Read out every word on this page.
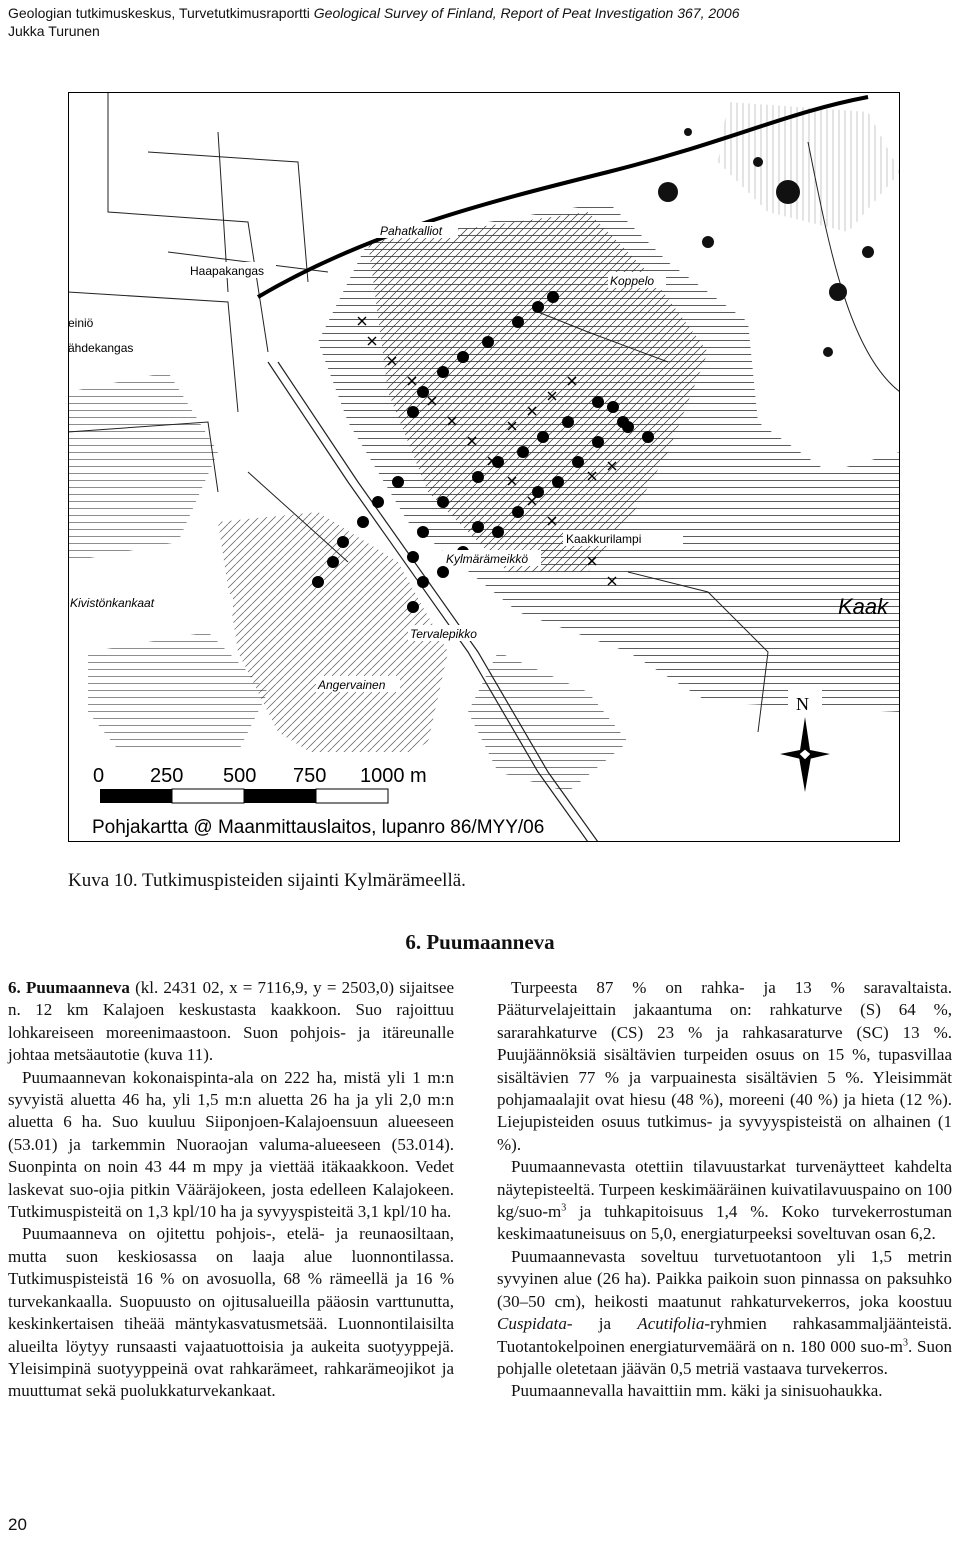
Geologian tutkimuskeskus, Turvetutkimusraportti Geological Survey of Finland, Report of Peat Investigation 367, 2006
Jukka Turunen
Pahatkalliot
Haapakangas
Koppelo
einiö
ähdekangas
Kylmärämeikkö
Kaakkurilampi
Kivistönkankaat	Kaak
Tervalepikko
Angervainen
N
0 250 500 750 1000 m
Pohjakartta @ Maanmittauslaitos, lupanro 86/MYY/06
Kuva 10. Tutkimuspisteiden sijainti Kylmärämeellä.
6. Puumaanneva

6. Puumaanneva (kl. 2431 02, x = 7116,9, y = 2503,0) sijaitsee n. 12 km Kalajoen keskustasta kaakkoon. Suo rajoittuu lohkareiseen moreenimaastoon. Suon pohjois- ja itäreunalle johtaa metsäautotie (kuva 11).

Puumaannevan kokonaispinta-ala on 222 ha, mistä yli 1 m:n syvyistä aluetta 46 ha, yli 1,5 m:n aluetta 26 ha ja yli 2,0 m:n aluetta 6 ha. Suo kuuluu Siiponjoen-Kalajoensuun alueeseen (53.01) ja tarkemmin Nuoraojan valuma-alueeseen (53.014). Suonpinta on noin 43 44 m mpy ja viettää itäkaakkoon. Vedet laskevat suo-ojia pitkin Vääräjokeen, josta edelleen Kalajokeen. Tutkimuspisteitä on 1,3 kpl/10 ha ja syvyyspisteitä 3,1 kpl/10 ha.

Puumaanneva on ojitettu pohjois-, etelä- ja reunaosiltaan, mutta suon keskiosassa on laaja alue luonnontilassa. Tutkimuspisteistä 16 % on avosuolla, 68 % rämeellä ja 16 % turvekankaalla. Suopuusto on ojitusalueilla pääosin varttunutta, keskinkertaisen tiheää mäntykasvatusmetsää. Luonnontilaisilta alueilta löytyy runsaasti vajaatuottoisia ja aukeita suotyyppejä. Yleisimpinä suotyyppeinä ovat rahkarämeet, rahkarämeojikot ja muuttumat sekä puolukkaturvekankaat.

Turpeesta 87 % on rahka- ja 13 % saravaltaista. Pääturvelajeittain jakaantuma on: rahkaturve (S) 64 %, sararahkaturve (CS) 23 % ja rahkasaraturve (SC) 13 %. Puujäännöksiä sisältävien turpeiden osuus on 15 %, tupasvillaa sisältävien 77 % ja varpuainesta sisältävien 5 %. Yleisimmät pohjamaalajit ovat hiesu (48 %), moreeni (40 %) ja hieta (12 %). Liejupisteiden osuus tutkimus- ja syvyyspisteistä on alhainen (1 %).

Puumaannevasta otettiin tilavuustarkat turvenäytteet kahdelta näytepisteeltä. Turpeen keskimääräinen kuivatilavuuspaino on 100 $kg/suo-m^3$ ja tuhkapitoisuus 1,4 %. Koko turvekerrostuman keskimaatuneisuus on 5,0, energiaturpeeksi soveltuvan osan 6,2.

Puumaannevasta soveltuu turvetuotantoon yli 1,5 metrin syvyinen alue (26 ha). Paikka paikoin suon pinnassa on paksuhko (30–50 cm), heikosti maatunut rahkaturvekerros, joka koostuu Cuspidata- ja Acutifolia-ryhmien rahkasammaljäänteistä. Tuotantokelpoinen energiaturvemäärä on n. 180 000 suo-$m^3$. Suon pohjalle oletetaan jäävän 0,5 metriä vastaava turvekerros.

Puumaannevalla havaittiin mm. käki ja sinisuohaukka.

20
